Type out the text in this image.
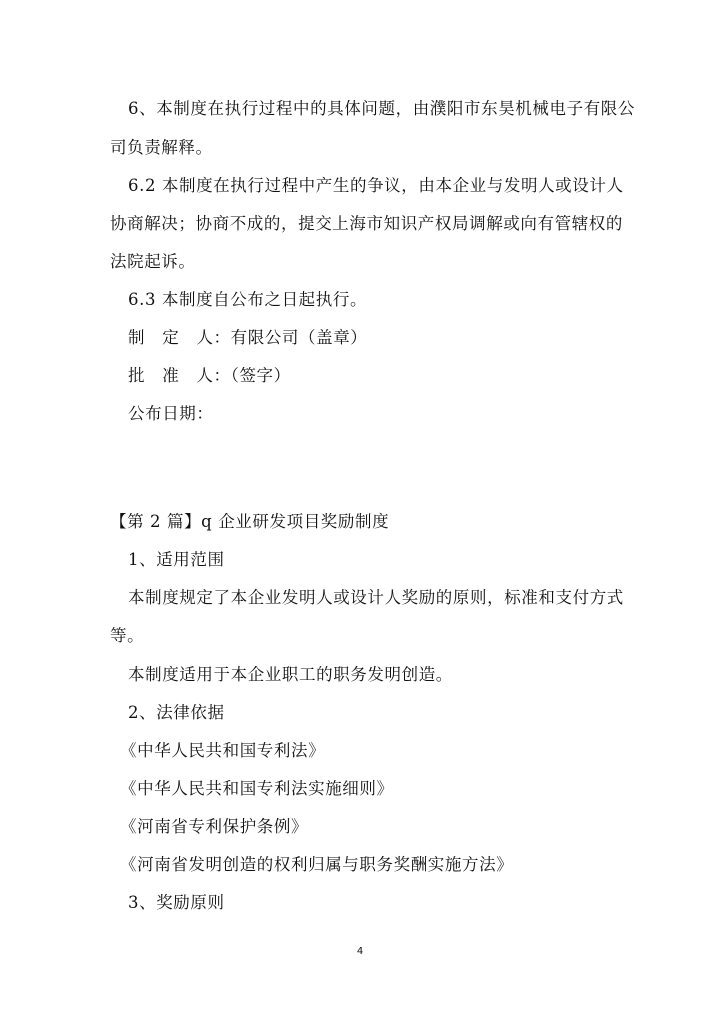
6、本制度在执行过程中的具体问题，由濮阳市东昊机械电子有限公
司负责解释。
6.2 本制度在执行过程中产生的争议，由本企业与发明人或设计人
协商解决；协商不成的，提交上海市知识产权局调解或向有管辖权的
法院起诉。
6.3 本制度自公布之日起执行。
制　定　人：有限公司（盖章）
批　准　人：（签字）
公布日期：
【第 2 篇】q 企业研发项目奖励制度
1、适用范围
本制度规定了本企业发明人或设计人奖励的原则，标准和支付方式
等。
本制度适用于本企业职工的职务发明创造。
2、法律依据
《中华人民共和国专利法》
《中华人民共和国专利法实施细则》
《河南省专利保护条例》
《河南省发明创造的权利归属与职务奖酬实施方法》
3、奖励原则
4
